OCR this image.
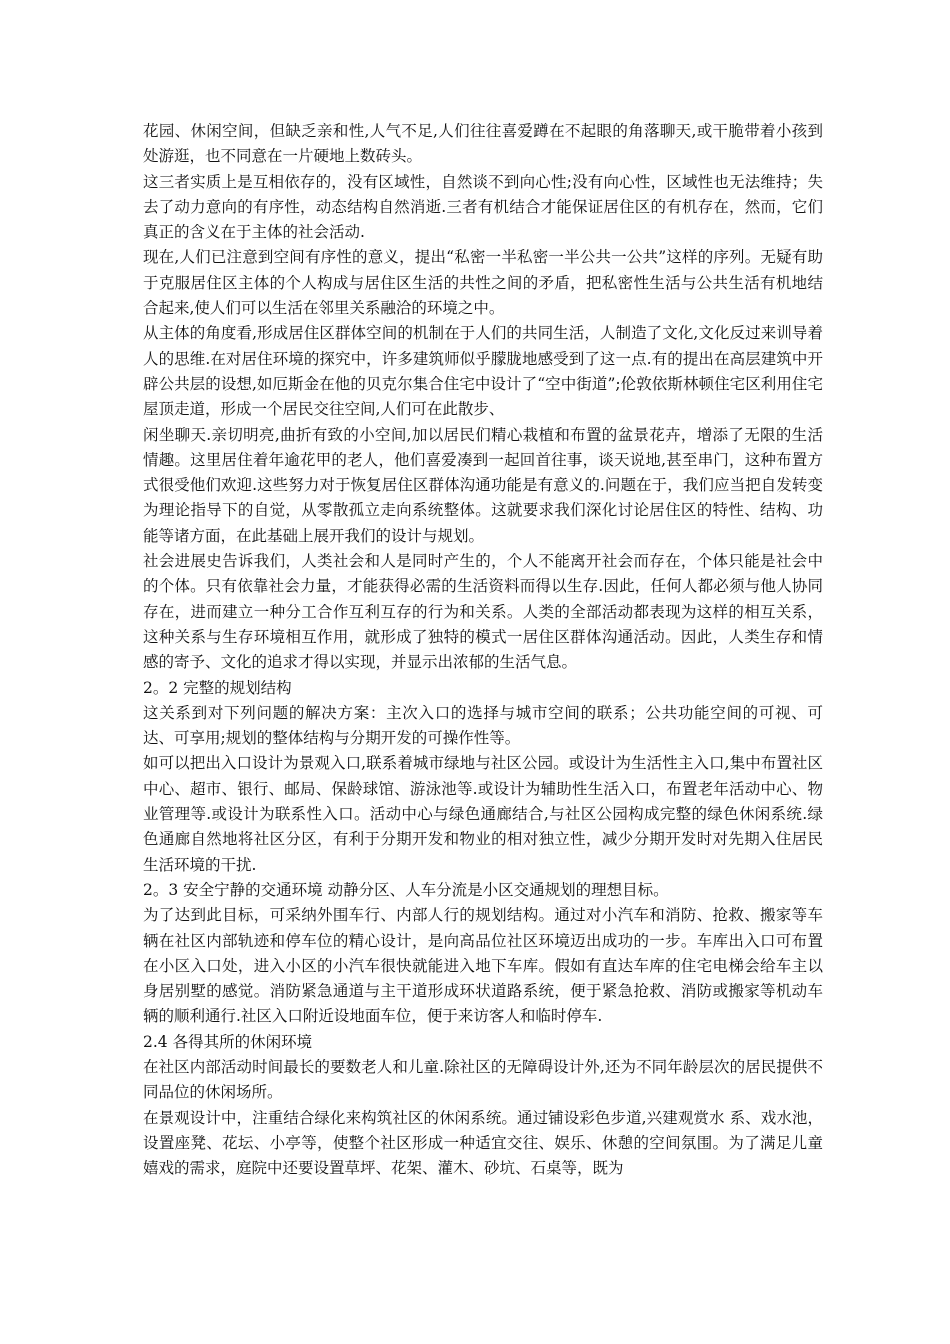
花园、休闲空间，但缺乏亲和性,人气不足,人们往往喜爱蹲在不起眼的角落聊天,或干脆带着小孩到处游逛，也不同意在一片硬地上数砖头。

这三者实质上是互相依存的，没有区域性，自然谈不到向心性;没有向心性，区域性也无法维持；失去了动力意向的有序性，动态结构自然消逝.三者有机结合才能保证居住区的有机存在，然而，它们真正的含义在于主体的社会活动.

现在,人们已注意到空间有序性的意义，提出“私密一半私密一半公共一公共”这样的序列。无疑有助于克服居住区主体的个人构成与居住区生活的共性之间的矛盾，把私密性生活与公共生活有机地结合起来,使人们可以生活在邻里关系融洽的环境之中。

从主体的角度看,形成居住区群体空间的机制在于人们的共同生活，人制造了文化,文化反过来训导着人的思维.在对居住环境的探究中，许多建筑师似乎朦胧地感受到了这一点.有的提出在高层建筑中开辟公共层的设想,如厄斯金在他的贝克尔集合住宅中设计了“空中街道”;伦敦依斯林顿住宅区利用住宅屋顶走道，形成一个居民交往空间,人们可在此散步、

闲坐聊天.亲切明亮,曲折有致的小空间,加以居民们精心栽植和布置的盆景花卉，增添了无限的生活情趣。这里居住着年逾花甲的老人，他们喜爱凑到一起回首往事，谈天说地,甚至串门，这种布置方式很受他们欢迎.这些努力对于恢复居住区群体沟通功能是有意义的.问题在于，我们应当把自发转变为理论指导下的自觉，从零散孤立走向系统整体。这就要求我们深化讨论居住区的特性、结构、功能等诸方面，在此基础上展开我们的设计与规划。

社会进展史告诉我们，人类社会和人是同时产生的，个人不能离开社会而存在，个体只能是社会中的个体。只有依靠社会力量，才能获得必需的生活资料而得以生存.因此，任何人都必须与他人协同存在，进而建立一种分工合作互利互存的行为和关系。人类的全部活动都表现为这样的相互关系，这种关系与生存环境相互作用，就形成了独特的模式一居住区群体沟通活动。因此，人类生存和情感的寄予、文化的追求才得以实现，并显示出浓郁的生活气息。

2。2 完整的规划结构

这关系到对下列问题的解决方案：主次入口的选择与城市空间的联系；公共功能空间的可视、可达、可享用;规划的整体结构与分期开发的可操作性等。

如可以把出入口设计为景观入口,联系着城市绿地与社区公园。或设计为生活性主入口,集中布置社区中心、超市、银行、邮局、保龄球馆、游泳池等.或设计为辅助性生活入口，布置老年活动中心、物业管理等.或设计为联系性入口。活动中心与绿色通廊结合,与社区公园构成完整的绿色休闲系统.绿色通廊自然地将社区分区，有利于分期开发和物业的相对独立性，减少分期开发时对先期入住居民生活环境的干扰.

2。3 安全宁静的交通环境 动静分区、人车分流是小区交通规划的理想目标。

为了达到此目标，可采纳外围车行、内部人行的规划结构。通过对小汽车和消防、抢救、搬家等车辆在社区内部轨迹和停车位的精心设计，是向高品位社区环境迈出成功的一步。车库出入口可布置在小区入口处，进入小区的小汽车很快就能进入地下车库。假如有直达车库的住宅电梯会给车主以身居别墅的感觉。消防紧急通道与主干道形成环状道路系统，便于紧急抢救、消防或搬家等机动车辆的顺利通行.社区入口附近设地面车位，便于来访客人和临时停车.

2.4 各得其所的休闲环境

在社区内部活动时间最长的要数老人和儿童.除社区的无障碍设计外,还为不同年龄层次的居民提供不同品位的休闲场所。

在景观设计中，注重结合绿化来构筑社区的休闲系统。通过铺设彩色步道,兴建观赏水 系、戏水池，设置座凳、花坛、小亭等，使整个社区形成一种适宜交往、娱乐、休憩的空间氛围。为了满足儿童嬉戏的需求，庭院中还要设置草坪、花架、灌木、砂坑、石桌等，既为
